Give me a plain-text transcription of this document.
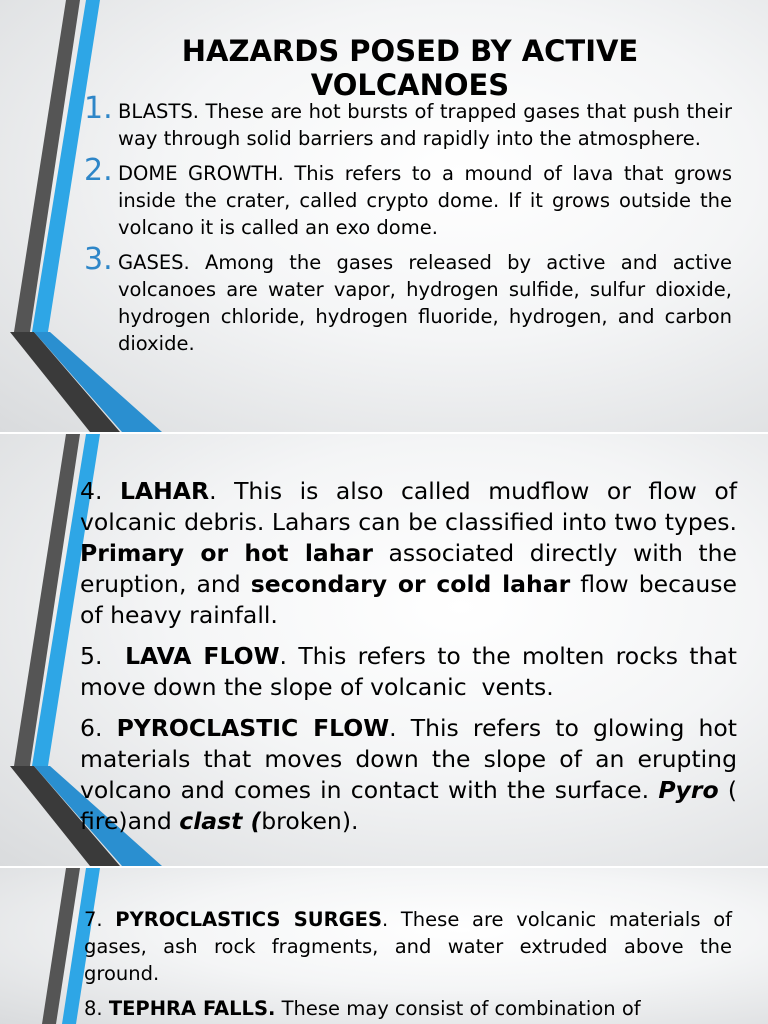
HAZARDS POSED BY ACTIVE VOLCANOES
1. BLASTS. These are hot bursts of trapped gases that push their way through solid barriers and rapidly into the atmosphere.
2. DOME GROWTH. This refers to a mound of lava that grows inside the crater, called crypto dome. If it grows outside the volcano it is called an exo dome.
3. GASES. Among the gases released by active and active volcanoes are water vapor, hydrogen sulfide, sulfur dioxide, hydrogen chloride, hydrogen fluoride, hydrogen, and carbon dioxide.

4. LAHAR. This is also called mudflow or flow of volcanic debris. Lahars can be classified into two types. Primary or hot lahar associated directly with the eruption, and secondary or cold lahar flow because of heavy rainfall.

5.  LAVA FLOW. This refers to the molten rocks that move down the slope of volcanic  vents.

6. PYROCLASTIC FLOW. This refers to glowing hot materials that moves down the slope of an erupting volcano and comes in contact with the surface. Pyro ( fire)and clast (broken).

7. PYROCLASTICS SURGES. These are volcanic materials of gases, ash rock fragments, and water extruded above the ground.

8. TEPHRA FALLS. These may consist of combination of
